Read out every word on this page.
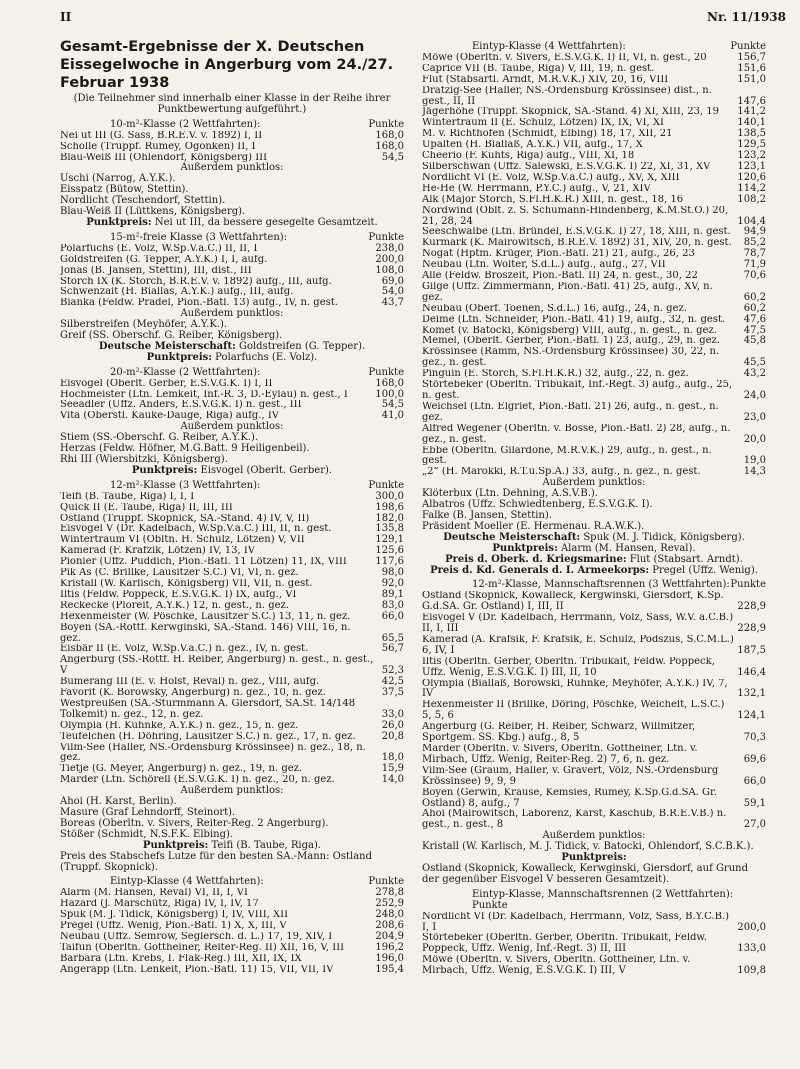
II	Nr. 11/1938
Gesamt-Ergebnisse der X. Deutschen Eissegelwoche in Angerburg vom 24./27. Februar 1938

(Die Teilnehmer sind innerhalb einer Klasse in der Reihe ihrer Punktbewertung aufgeführt.)

10-m²-Klasse (2 Wettfahrten):	Punkte
Nei ut III (G. Sass, B.R.E.V. v. 1892) I, II	168,0
Scholle (Truppf. Rumey, Ogonken) II, I	168,0
Blau-Weiß III (Ohlendorf, Königsberg) III	54,5
Außerdem punktlos:
Uschi (Narrog, A.Y.K.).
Eisspatz (Bütow, Stettin).
Nordlicht (Teschendorf, Stettin).
Blau-Weiß II (Lüttkens, Königsberg).
Punktpreis: Nei ut III, da bessere gesegelte Gesamtzeit.
15-m²-freie Klasse (3 Wettfahrten):	Punkte
Polarfuchs (E. Volz, W.Sp.V.a.C.) II, II, I	238,0
Goldstreifen (G. Tepper, A.Y.K.) I, I, aufg.	200,0
Jonas (B. Jansen, Stettin), III, dist., III	108,0
Storch IX (K. Storch, B.R.E.V. v. 1892) aufg., III, aufg.	69,0
Schwenzait (H. Biallas, A.Y.K.) aufg., III, aufg.	54,0
Bianka (Feldw. Pradel, Pion.-Batl. 13) aufg., IV, n. gest.	43,7
Außerdem punktlos:
Silberstreifen (Meyhöfer, A.Y.K.).
Greif (SS. Oberschf. G. Reiber, Königsberg).
Deutsche Meisterschaft: Goldstreifen (G. Tepper).
Punktpreis: Polarfuchs (E. Volz).
20-m²-Klasse (2 Wettfahrten):	Punkte
Eisvogel (Oberlt. Gerber, E.S.V.G.K. I) I, II	168,0
Hochmeister (Ltn. Lemkeit, Inf.-R. 3, D.-Eylau) n. gest., I	100,0
Seeadler (Uffz. Anders, E.S.V.G.K. I) n. gest., III	54,5
Vita (Oberstl. Kauke-Dauge, Riga) aufg., IV	41,0
Außerdem punktlos:
Stiem (SS.-Oberschf. G. Reiber, A.Y.K.).
Herzas (Feldw. Höfner, M.G.Batt. 9 Heiligenbeil).
Rhi III (Wiersbitzki, Königsberg).
Punktpreis: Eisvogel (Oberlt. Gerber).
12-m²-Klasse (3 Wettfahrten):	Punkte
Teifi (B. Taube, Riga) I, I, I	300,0
Quick II (E. Taube, Riga) II, III, III	198,6
Ostland (Truppf. Skopnick, SA.-Stand. 4) IV, V, II)	182,0
Eisvogel V (Dr. Kadelbach, W.Sp.V.a.C.) III, II, n. gest.	135,8
Wintertraum VI (Obltn. H. Schulz, Lötzen) V, VII	129,1
Kamerad (F. Krafzik, Lötzen) IV, 13, IV	125,6
Pionier (Uffz. Puddich, Pion.-Batl. 11 Lötzen) 11, IX, VIII	117,6
Pik As (C. Brillke, Lausitzer S.C.) VI, VI, n. gez.	98,0
Kristall (W. Karlisch, Königsberg) VII, VII, n. gest.	92,0
Iltis (Feldw. Poppeck, E.S.V.G.K. I) IX, aufg., VI	89,1
Reckecke (Ploreit, A.Y.K.) 12, n. gest., n. gez.	83,0
Hexenmeister (W. Pöschke, Lausitzer S.C.) 13, 11, n. gez.	66,0
Boyen (SA.-Rottf. Kerwginski, SA.-Stand. 146) VIII, 16, n. gez.	65,5
Eisbär II (E. Volz, W.Sp.V.a.C.) n. gez., IV, n. gest.	56,7
Angerburg (SS.-Rottf. H. Reiber, Angerburg) n. gest., n. gest., V	52,3
Bumerang III (E. v. Holst, Reval) n. gez., VIII, aufg.	42,5
Favorit (K. Borowsky, Angerburg) n. gez., 10, n. gez.	37,5
Westpreußen (SA.-Sturmmann A. Giersdorf, SA.St. 14/148 Tolkemit) n. gez., 12, n. gez.	33,0
Olympia (H. Kuhnke, A.Y.K.) n. gez., 15, n. gez.	26,0
Teufelchen (H. Döhring, Lausitzer S.C.) n. gez., 17, n. gez.	20,8
Vilm-See (Haller, NS.-Ordensburg Krössinsee) n. gez., 18, n. gez.	18,0
Tietje (G. Meyer, Angerburg) n. gez., 19, n. gez.	15,9
Marder (Ltn. Schörell (E.S.V.G.K. I) n. gez., 20, n. gez.	14,0
Außerdem punktlos:
Ahoi (H. Karst, Berlin).
Masure (Graf Lehndorff, Steinort).
Boreas (Oberltn. v. Sivers, Reiter-Reg. 2 Angerburg).
Stößer (Schmidt, N.S.F.K. Elbing).
Punktpreis: Teifi (B. Taube, Riga).
Preis des Stabschefs Lutze für den besten SA.-Mann: Ostland (Truppf. Skopnick).
Eintyp-Klasse (4 Wettfahrten):	Punkte
Alarm (M. Hansen, Reval) VI, II, I, VI	278,8
Hazard (J. Marschütz, Riga) IV, I, IV, 17	252,9
Spuk (M. J. Tidick, Königsberg) I, IV, VIII, XII	248,0
Pregel (Uffz. Wenig, Pion.-Batl. 1) X, X, III, V	208,6
Neubau (Uffz. Semrow, Seglersch. d. L.) 17, 19, XIV, I	204,9
Taifun (Oberltn. Gottheiner, Reiter-Reg. II) XII, 16, V, III	196,2
Barbara (Ltn. Krebs, I. Flak-Reg.) III, XII, IX, IX	196,0
Angerapp (Ltn. Lenkeit, Pion.-Batl. 11) 15, VII, VII, IV	195,4
Eintyp-Klasse (4 Wettfahrten):	Punkte
Möwe (Oberltn. v. Sivers, E.S.V.G.K. I) II, VI, n. gest., 20	156,7
Caprice VII (B. Taube, Riga) V, III, 19, n. gest.	151,6
Flut (Stabsartl. Arndt, M.R.V.K.) XIV, 20, 16, VIII	151,0
Dratzig-See (Haller, NS.-Ordensburg Krössinsee) dist., n. gest., II, II	147,6
Jägerhöhe (Truppf. Skopnick, SA.-Stand. 4) XI, XIII, 23, 19	141,2
Wintertraum II (E. Schulz, Lötzen) IX, IX, VI, XI	140,1
M. v. Richthofen (Schmidt, Elbing) 18, 17, XII, 21	138,5
Upalten (H. Biallaß, A.Y.K.) VII, aufg., 17, X	129,5
Cheerio (F. Kuhts, Riga) aufg., VIII, XI, 18	123,2
Silberschwan (Uffz. Salewski, E.S.V.G.K. I) 22, XI, 31, XV	123,1
Nordlicht VI (E. Volz, W.Sp.V.a.C.) aufg., XV, X, XIII	120,6
He-He (W. Herrmann, P.Y.C.) aufg., V, 21, XIV	114,2
Alk (Major Storch, S.Fl.H.K.R.) XIII, n. gest., 18, 16	108,2
Nordwind (Oblt. z. S. Schumann-Hindenberg, K.M.St.O.) 20, 21, 28, 24	104,4
Seeschwalbe (Ltn. Bründel, E.S.V.G.K. I) 27, 18, XIII, n. gest.	94,9
Kurmark (K. Mairowitsch, B.R.E.V. 1892) 31, XIV, 20, n. gest.	85,2
Nogat (Hptm. Krüger, Pion.-Batl. 21) 21, aufg., 26, 23	78,7
Neubau (Ltn. Wolter, S.d.L.) aufg., aufg., 27, VII	71,9
Alle (Feldw. Broszeit, Pion.-Batl. II) 24, n. gest., 30, 22	70,6
Gilge (Uffz. Zimmermann, Pion.-Batl. 41) 25, aufg., XV, n. gez.	60,2
Neubau (Oberf. Toenen, S.d.L.) 16, aufg., 24, n. gez.	60,2
Deime (Ltn. Schneider, Pion.-Batl. 41) 19, aufg., 32, n. gest.	47,6
Komet (v. Batocki, Königsberg) VIII, aufg., n. gest., n. gez.	47,5
Memel, (Oberlt. Gerber, Pion.-Batl. 1) 23, aufg., 29, n. gez.	45,8
Krössinsee (Ramm, NS.-Ordensburg Krössinsee) 30, 22, n. gez., n. gest.	45,5
Pinguin (E. Storch, S.Fl.H.K.R.) 32, aufg., 22, n. gez.	43,2
Störtebeker (Oberltn. Tribukait, Inf.-Regt. 3) aufg., aufg., 25, n. gest.	24,0
Weichsel (Ltn. Elgriet, Pion.-Batl. 21) 26, aufg., n. gest., n. gez.	23,0
Alfred Wegener (Oberltn. v. Bosse, Pion.-Batl. 2) 28, aufg., n. gez., n. gest.	20,0
Ebbe (Oberltn. Gilardone, M.R.V.K.) 29, aufg., n. gest., n. gest.	19,0
„2“ (H. Marokki, R.T.u.Sp.A.) 33, aufg., n. gez., n. gest.	14,3
Außerdem punktlos:
Klöterbux (Ltn. Dehning, A.S.V.B.).
Albatros (Uffz. Schwiedtenberg, E.S.V.G.K. I).
Falke (B. Jansen, Stettin).
Präsident Moeller (E. Hermenau. R.A.W.K.).
Deutsche Meisterschaft: Spuk (M. J. Tidick, Königsberg).
Punktpreis: Alarm (M. Hansen, Reval).
Preis d. Oberk. d. Kriegsmarine: Flut (Stabsart. Arndt).
Preis d. Kd. Generals d. I. Armeekorps: Pregel (Uffz. Wenig).
12-m²-Klasse, Mannschaftsrennen (3 Wettfahrten): Punkte
Ostland (Skopnick, Kowalleck, Kergwinski, Giersdorf, K.Sp. G.d.SA. Gr. Ostland) I, III, II	228,9
Eisvogel V (Dr. Kadelbach, Herrmann, Volz, Sass, W.V. a.C.B.) II, I, III	228,9
Kamerad (A. Krafsik, F. Krafsik, E. Schulz, Podszus, S.C.M.L.) 6, IV, I	187,5
Iltis (Oberltn. Gerber, Oberltn. Tribukait, Feldw. Poppeck, Uffz. Wenig, E.S.V.G.K. I) III, II, 10	146,4
Olympia (Biallaß, Borowski, Ruhnke, Meyhöfer, A.Y.K.) IV, 7, IV	132,1
Hexenmeister II (Brillke, Döring, Pöschke, Weichelt, L.S.C.) 5, 5, 6	124,1
Angerburg (G. Reiber, H. Reiber, Schwarz, Willmitzer, Sportgem. SS. Kbg.) aufg., 8, 5	70,3
Marder (Oberltn. v. Sivers, Oberltn. Gottheiner, Ltn. v. Mirbach, Uffz. Wenig, Reiter-Reg. 2) 7, 6, n. gez.	69,6
Vilm-See (Graum, Haller, v. Gravert, Völz, NS.-Ordensburg Krössinsee) 9, 9, 9	66,0
Boyen (Gerwin, Krause, Kemsies, Rumey, K.Sp.G.d.SA. Gr. Ostland) 8, aufg., 7	59,1
Ahoi (Mairowitsch, Laborenz, Karst, Kaschub, B.R.E.V.B.) n. gest., n. gest., 8	27,0
Außerdem punktlos:
Kristall (W. Karlisch, M. J. Tidick, v. Batocki, Ohlendorf, S.C.B.K.).
Punktpreis:
Ostland (Skopnick, Kowalleck, Kerwginski, Giersdorf, auf Grund der gegenüber Eisvogel V besseren Gesamtzeit).
Eintyp-Klasse, Mannschaftsrennen (2 Wettfahrten): Punkte
Nordlicht VI (Dr. Kadelbach, Herrmann, Volz, Sass, B.Y.C.B.) I, I	200,0
Störtebeker (Oberltn. Gerber, Oberltn. Tribukait, Feldw. Poppeck, Uffz. Wenig, Inf.-Regt. 3) II, III	133,0
Möwe (Oberltn. v. Sivers, Oberltn. Gottheiner, Ltn. v. Mirbach, Uffz. Wenig, E.S.V.G.K. I) III, V	109,8
